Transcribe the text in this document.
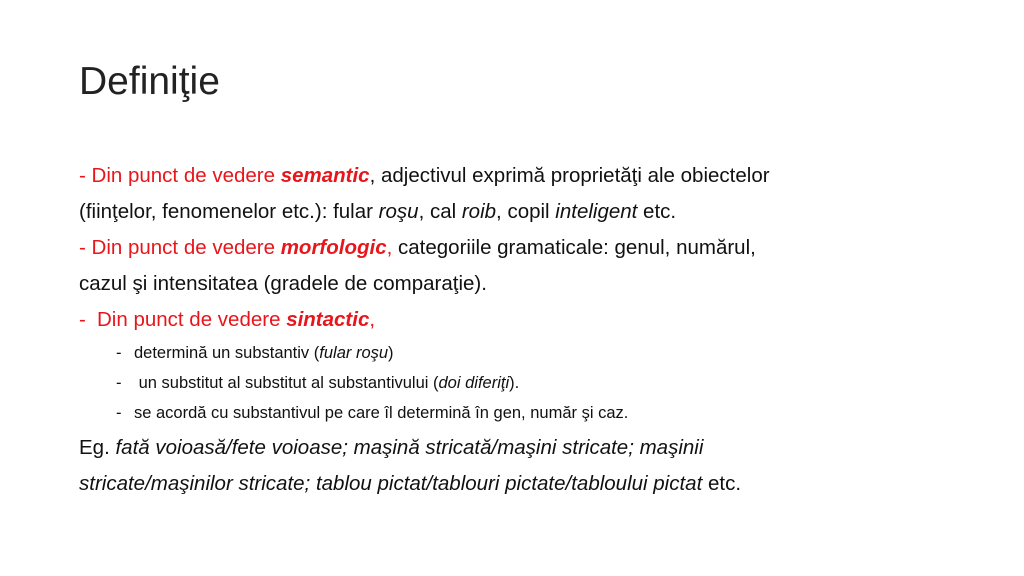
Definiţie
- Din punct de vedere semantic, adjectivul exprimă proprietăţi ale obiectelor
(fiinţelor, fenomenelor etc.): fular roşu, cal roib, copil inteligent etc.
- Din punct de vedere morfologic, categoriile gramaticale: genul, numărul,
cazul şi intensitatea (gradele de comparaţie).
- Din punct de vedere sintactic,
- determină un substantiv (fular roşu)
- un substitut al substitut al substantivului (doi diferiţi).
- se acordă cu substantivul pe care îl determină în gen, număr şi caz.
Eg. fată voioasă/fete voioase; maşină stricată/maşini stricate; maşinii
stricate/maşinilor stricate; tablou pictat/tablouri pictate/tabloului pictat etc.
